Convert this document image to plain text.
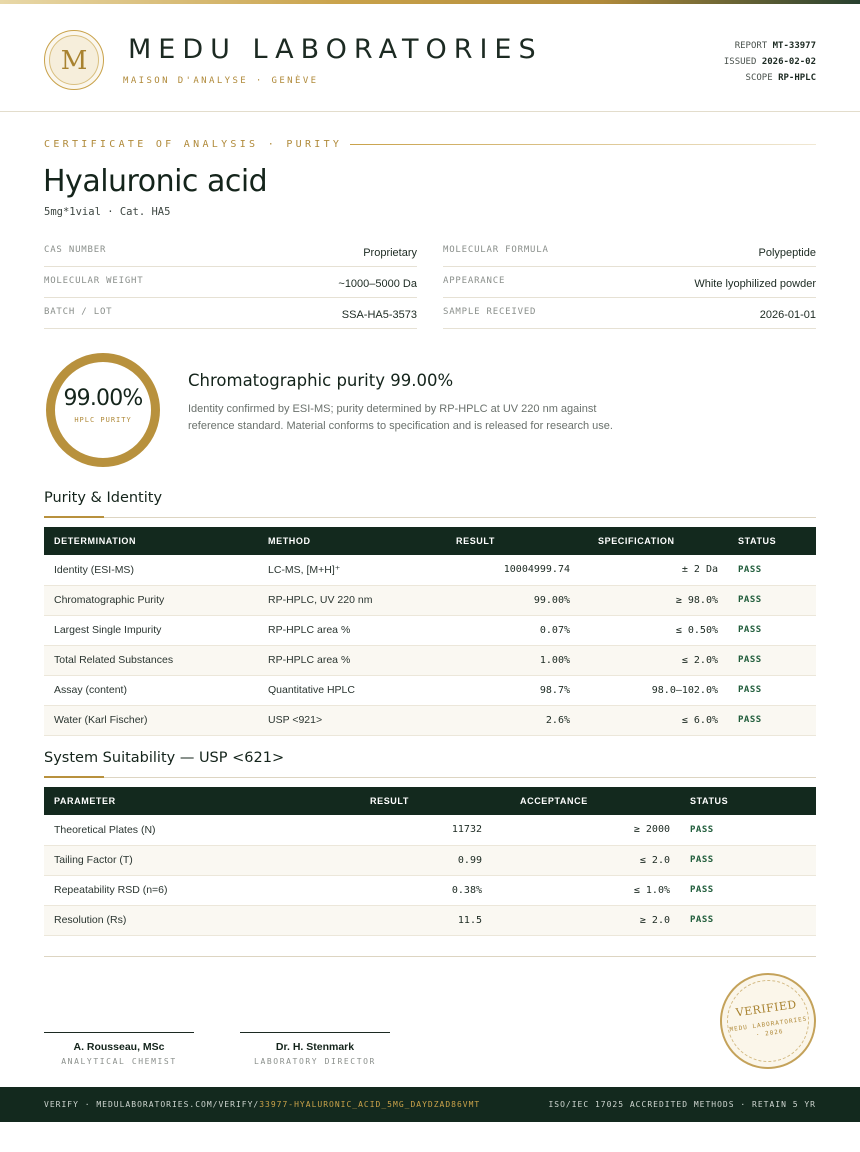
M	MEDU LABORATORIES
MAISON D'ANALYSE · GENÈVE
REPORT MT-33977
ISSUED 2026-02-02
SCOPE RP-HPLC
CERTIFICATE OF ANALYSIS · PURITY
Hyaluronic acid
5mg*1vial · Cat. HA5
CAS NUMBER	Proprietary	MOLECULAR FORMULA	Polypeptide
MOLECULAR WEIGHT	~1000–5000 Da	APPEARANCE	White lyophilized powder
BATCH / LOT	SSA-HA5-3573	SAMPLE RECEIVED	2026-01-01
99.00%
HPLC PURITY
Chromatographic purity 99.00%
Identity confirmed by ESI-MS; purity determined by RP-HPLC at UV 220 nm against reference standard. Material conforms to specification and is released for research use.
Purity & Identity
DETERMINATION	METHOD	RESULT	SPECIFICATION	STATUS
Identity (ESI-MS)	LC-MS, [M+H]⁺	10004999.74	± 2 Da	PASS
Chromatographic Purity	RP-HPLC, UV 220 nm	99.00%	≥ 98.0%	PASS
Largest Single Impurity	RP-HPLC area %	0.07%	≤ 0.50%	PASS
Total Related Substances	RP-HPLC area %	1.00%	≤ 2.0%	PASS
Assay (content)	Quantitative HPLC	98.7%	98.0–102.0%	PASS
Water (Karl Fischer)	USP <921>	2.6%	≤ 6.0%	PASS
System Suitability — USP <621>
PARAMETER	RESULT	ACCEPTANCE	STATUS
Theoretical Plates (N)	11732	≥ 2000	PASS
Tailing Factor (T)	0.99	≤ 2.0	PASS
Repeatability RSD (n=6)	0.38%	≤ 1.0%	PASS
Resolution (Rs)	11.5	≥ 2.0	PASS
A. Rousseau, MSc
ANALYTICAL CHEMIST
Dr. H. Stenmark
LABORATORY DIRECTOR
VERIFIED
MEDU LABORATORIES · 2026
VERIFY · MEDULABORATORIES.COM/VERIFY/33977-HYALURONIC_ACID_5MG_DAYDZAD86VMT	ISO/IEC 17025 ACCREDITED METHODS · RETAIN 5 YR
